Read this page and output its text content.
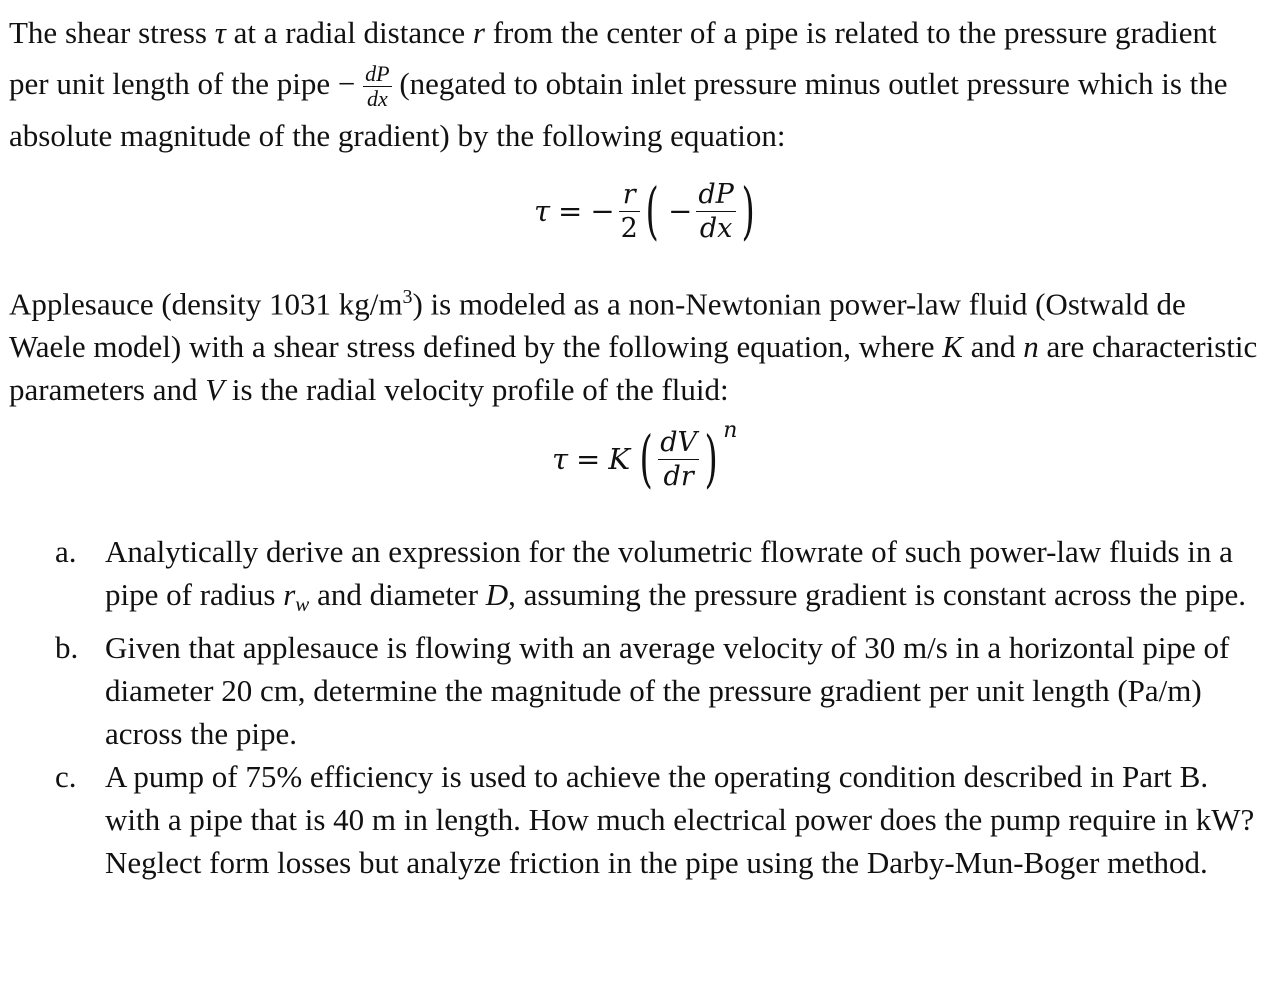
The shear stress τ at a radial distance r from the center of a pipe is related to the pressure gradient per unit length of the pipe − $\frac{dP}{dx}$ (negated to obtain inlet pressure minus outlet pressure which is the absolute magnitude of the gradient) by the following equation:

τ = − $\frac{r}{2}$ ( − $\frac{dP}{dx}$ )

Applesauce (density 1031 $kg/m^3$) is modeled as a non-Newtonian power-law fluid (Ostwald de Waele model) with a shear stress defined by the following equation, where K and n are characteristic parameters and V is the radial velocity profile of the fluid:

τ = K ( $\frac{dV}{dr}$ ) n
a. Analytically derive an expression for the volumetric flowrate of such power-law fluids in a pipe of radius $r_w$ and diameter D, assuming the pressure gradient is constant across the pipe.
b. Given that applesauce is flowing with an average velocity of 30 m/s in a horizontal pipe of diameter 20 cm, determine the magnitude of the pressure gradient per unit length (Pa/m) across the pipe.
c. A pump of 75% efficiency is used to achieve the operating condition described in Part B. with a pipe that is 40 m in length. How much electrical power does the pump require in kW? Neglect form losses but analyze friction in the pipe using the Darby-Mun-Boger method.
